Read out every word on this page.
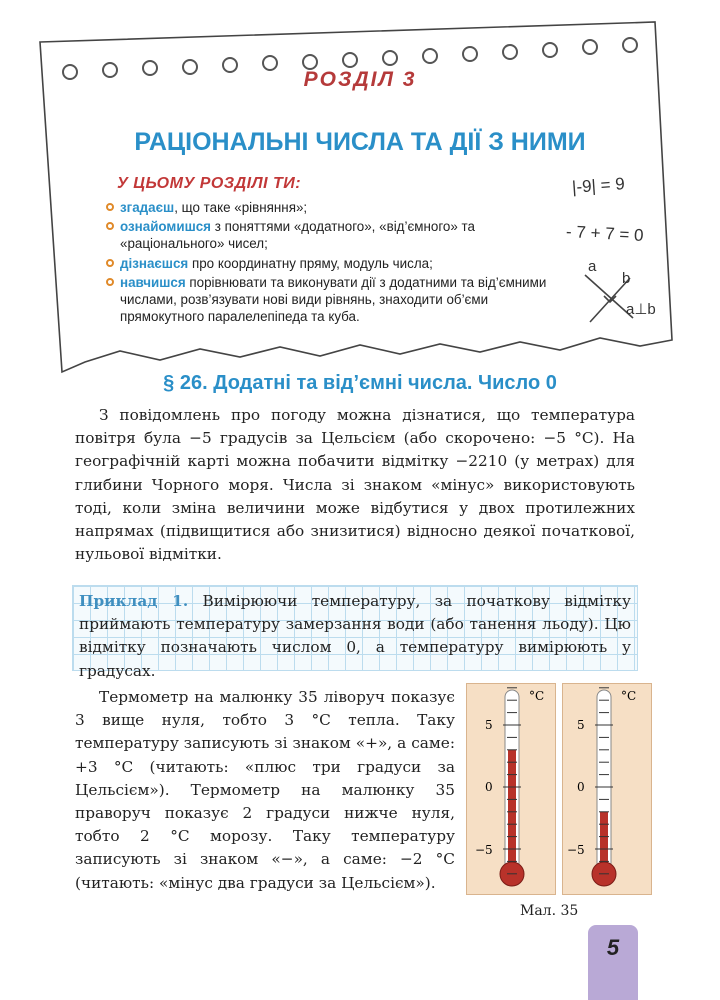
РОЗДІЛ 3
РАЦІОНАЛЬНІ ЧИСЛА ТА ДІЇ З НИМИ
У ЦЬОМУ РОЗДІЛІ ТИ:
згадаєш, що таке «рівняння»;
ознайомишся з поняттями «додатного», «від’ємного» та «раціонального» чисел;
дізнаєшся про координатну пряму, модуль числа;
навчишся порівнювати та виконувати дії з додатними та від’ємними числами, розв’язувати нові види рівнянь, знаходити об’єми прямокутного паралелепіпеда та куба.
|-9| = 9
- 7 + 7 = 0
a
b
a⊥b
§ 26. Додатні та від’ємні числа. Число 0

З повідомлень про погоду можна дізнатися, що температура повітря була −5 градусів за Цельсієм (або скорочено: −5 °С). На географічній карті можна побачити відмітку −2210 (у метрах) для глибини Чорного моря. Числа зі знаком «мінус» використовують тоді, коли зміна величини може відбутися у двох протилежних напрямах (підвищитися або знизитися) відносно деякої початкової, нульової відмітки.

Приклад 1. Вимірюючи температуру, за початкову відмітку приймають температуру замерзання води (або танення льоду). Цю відмітку позначають числом 0, а температуру вимірюють у градусах.

Термометр на малюнку 35 ліворуч показує 3 вище нуля, тобто 3 °С тепла. Таку температуру записують зі знаком «+», а саме: +3 °С (читають: «плюс три градуси за Цельсієм»). Термометр на малюнку 35 праворуч показує 2 градуси нижче нуля, тобто 2 °С морозу. Таку температуру записують зі знаком «−», а саме: −2 °С (читають: «мінус два градуси за Цельсієм»).

°С
5
0
−5
°С
5
0
−5
Мал. 35
5
